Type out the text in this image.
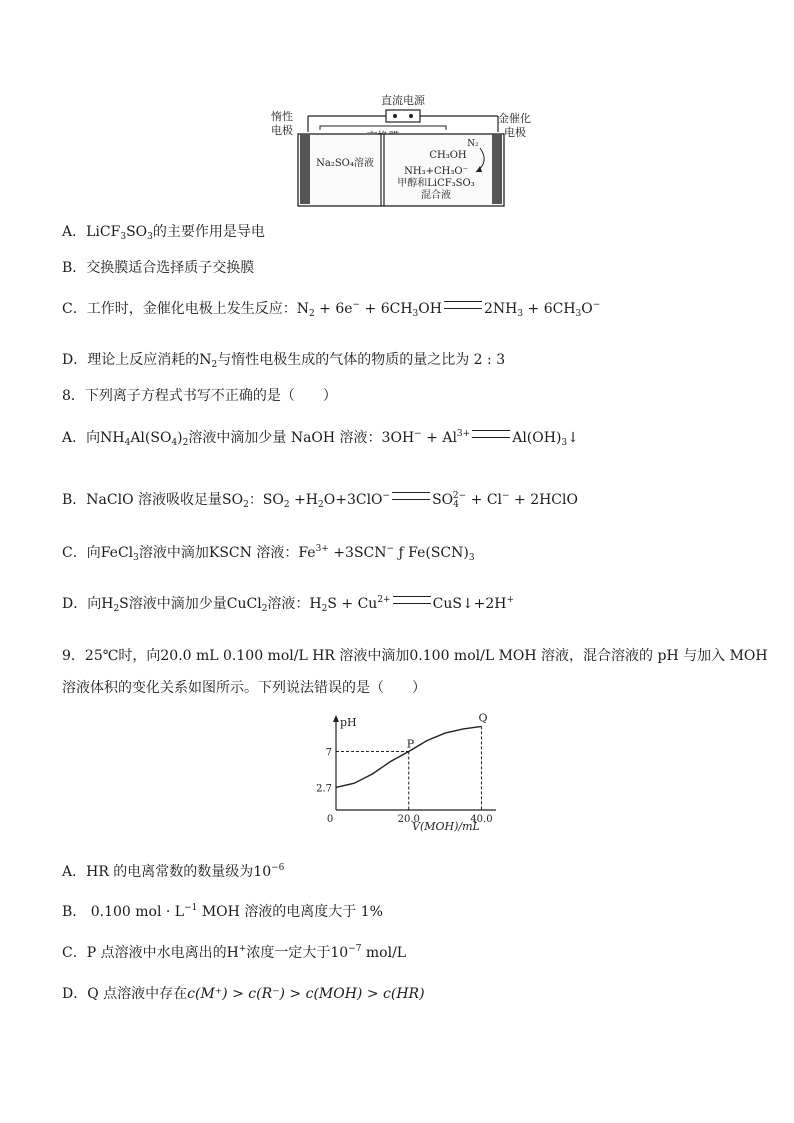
直流电源
惰性
电极
金催化
电极
Na₂SO₄溶液
N₂
CH₃OH
NH₃+CH₃O⁻
甲醇和LiCF₃SO₃
混合液
A．$LiCF_3SO_3$的主要作用是导电
B．交换膜适合选择质子交换膜
C．工作时，金催化电极上发生反应：$N_2 + 6e^- + 6CH_3OH$	$2NH_3 + 6CH_3O^-$
D．理论上反应消耗的$N_2$与惰性电极生成的气体的物质的量之比为 2 : 3
8．下列离子方程式书写不正确的是（　　）
A．向$NH_4Al(SO_4)_2$溶液中滴加少量 NaOH 溶液：$3OH^- + Al^{3+}$	$Al(OH)_3↓$
B．NaClO 溶液吸收足量$SO_2$：$SO_2 +H_2O+3ClO^-$	$SO_4^{2-} + Cl^-$ + 2HClO
C．向FeCl$_3$溶液中滴加KSCN 溶液：$Fe^{3+} +3SCN^-$ ƒ $Fe(SCN)_3$
D．向$H_2S$溶液中滴加少量CuCl$_2$溶液：$H_2S + Cu^{2+}$	CuS↓+2H+
9．25℃时，向20.0 mL 0.100 mol/L HR 溶液中滴加0.100 mol/L MOH 溶液，混合溶液的 pH 与加入 MOH
溶液体积的变化关系如图所示。下列说法错误的是（　　）
pH
V(MOH)/mL
0
P
Q
7
2.7
20.0	40.0
A．HR 的电离常数的数量级为$10^{-6}$
B． 0.100 mol · $L^{-1}$ MOH 溶液的电离度大于 1%
C．P 点溶液中水电离出的H+浓度一定大于$10^{-7}$ mol/L
D．Q 点溶液中存在c(M⁺) > c(R⁻) > c(MOH) > c(HR)
